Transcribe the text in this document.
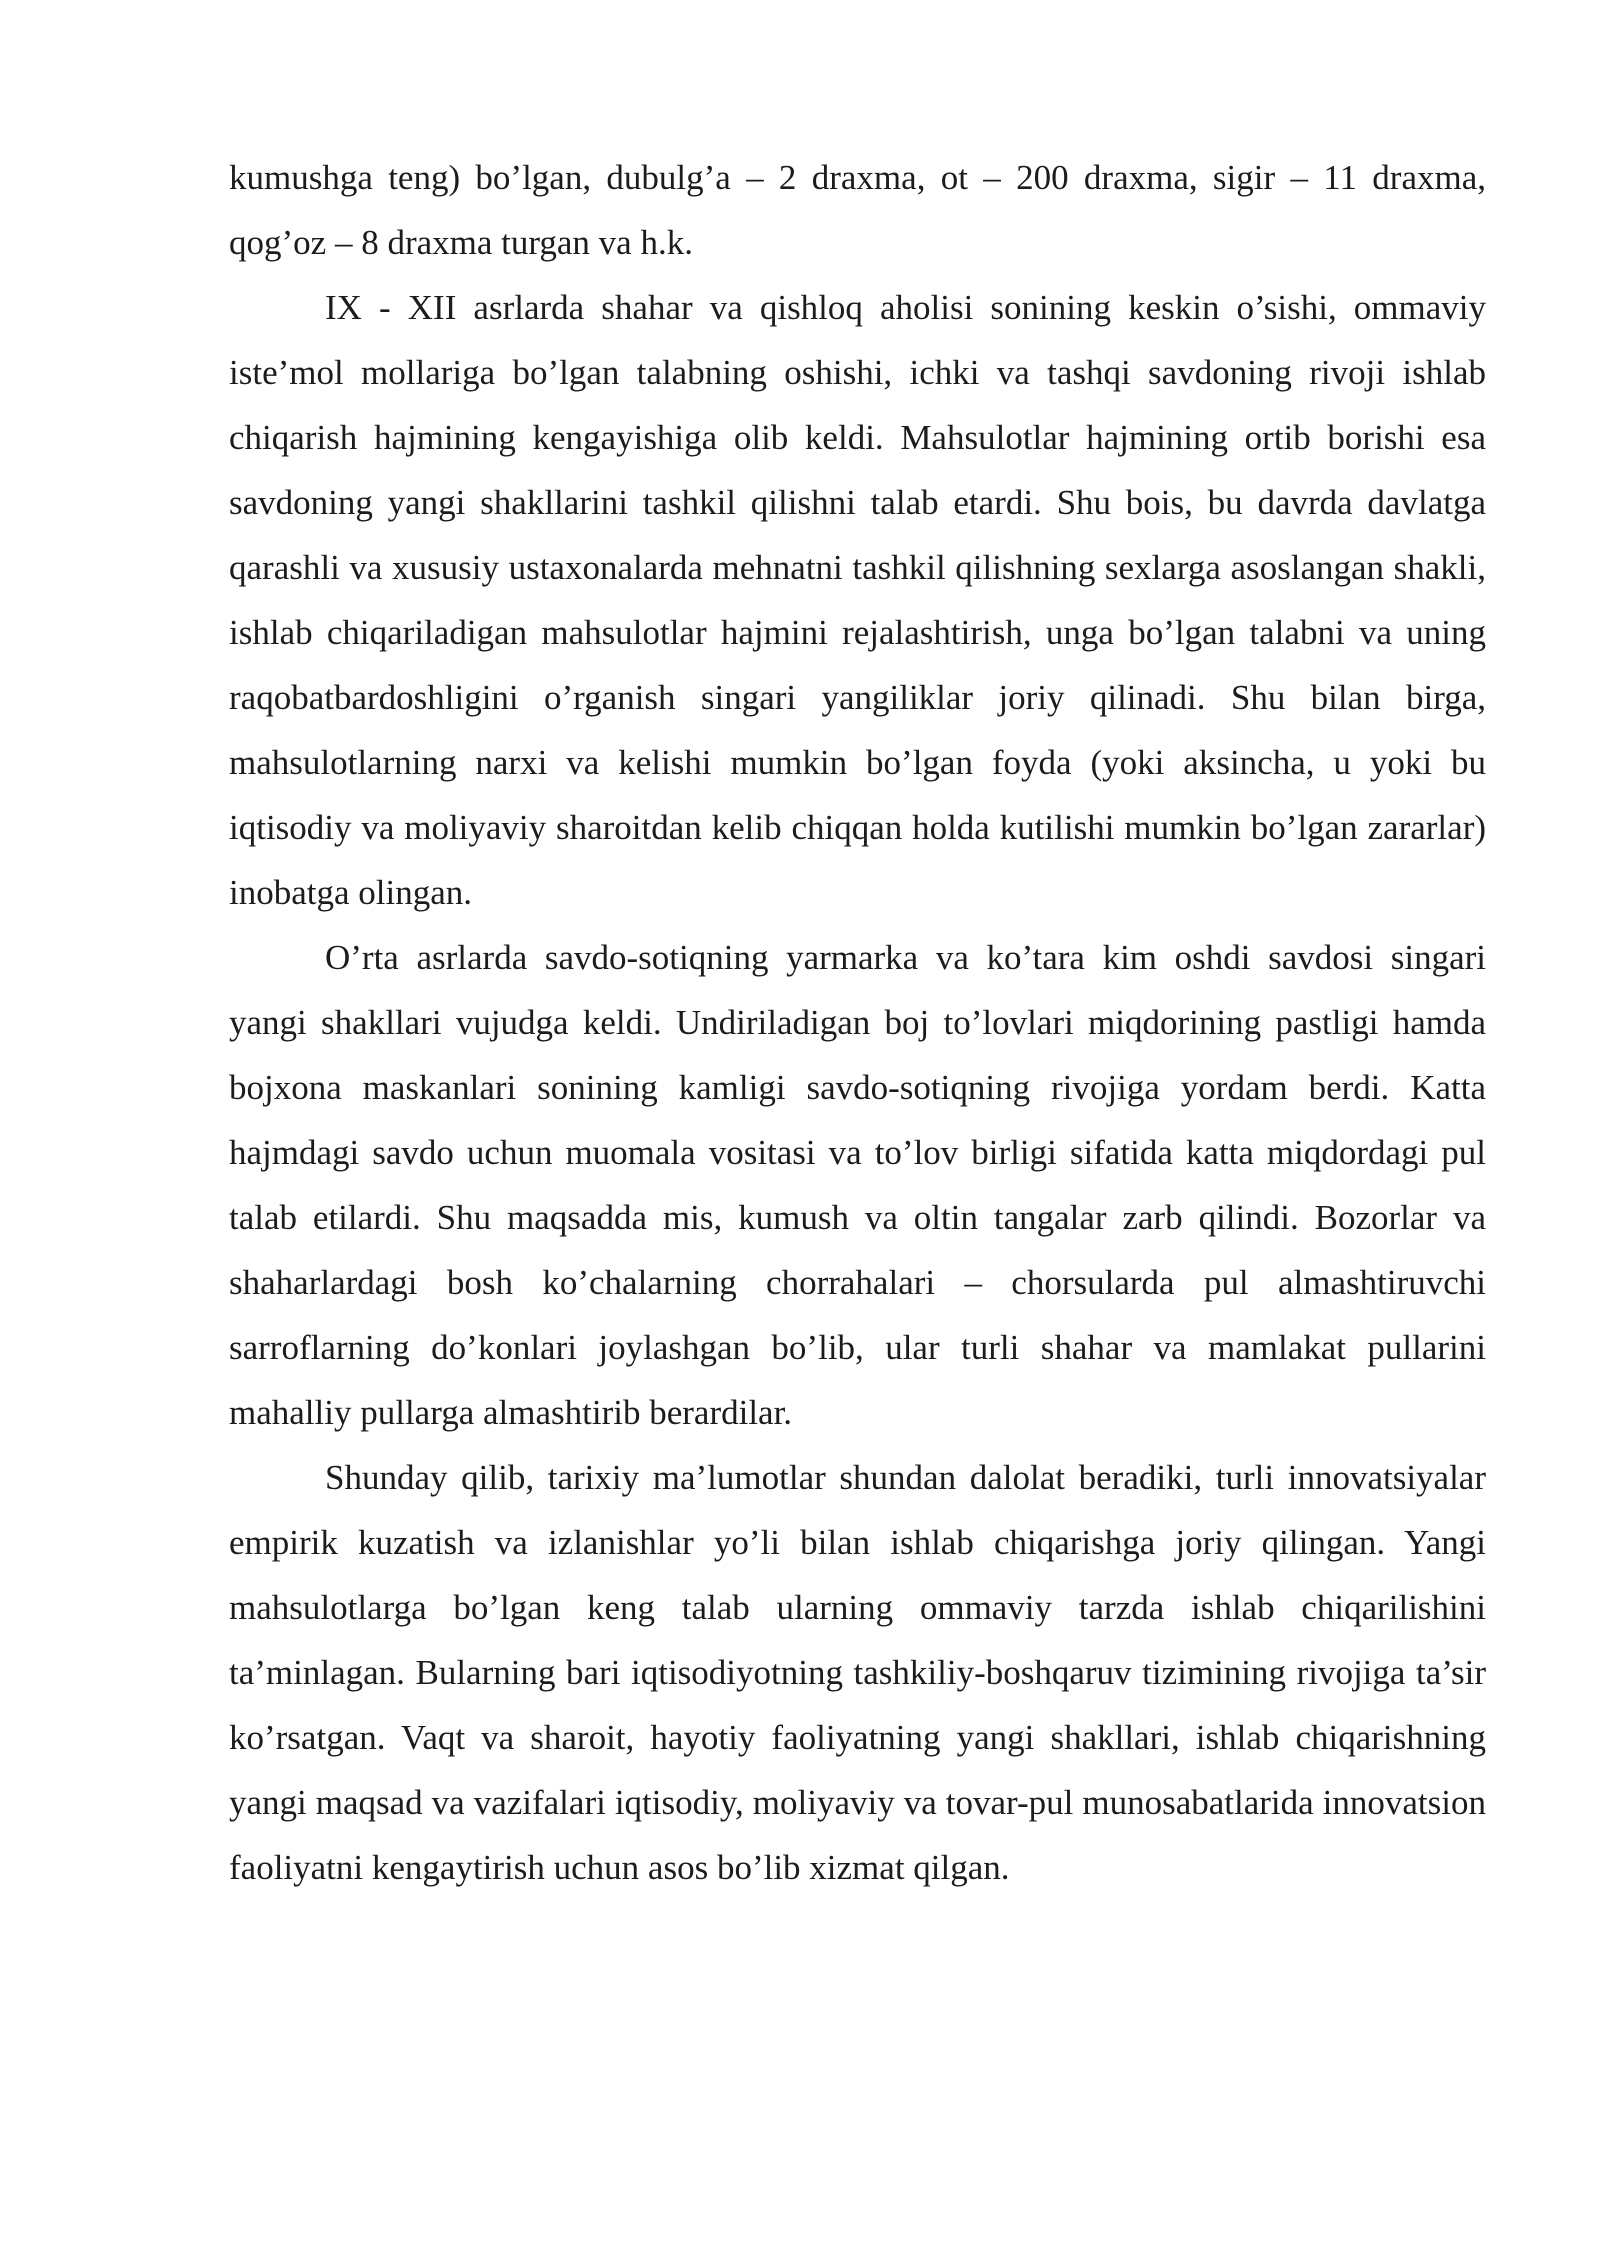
kumushga teng) bo’lgan, dubulg’a – 2 draxma, ot – 200 draxma, sigir – 11 draxma, qog’oz – 8 draxma turgan va h.k.

IX - XII asrlarda shahar va qishloq aholisi sonining keskin o’sishi, ommaviy iste’mol mollariga bo’lgan talabning oshishi, ichki va tashqi savdoning rivoji ishlab chiqarish hajmining kengayishiga olib keldi. Mahsulotlar hajmining ortib borishi esa savdoning yangi shakllarini tashkil qilishni talab etardi. Shu bois, bu davrda davlatga qarashli va xususiy ustaxonalarda mehnatni tashkil qilishning sexlarga asoslangan shakli, ishlab chiqariladigan mahsulotlar hajmini rejalashtirish, unga bo’lgan talabni va uning raqobatbardoshligini o’rganish singari yangiliklar joriy qilinadi. Shu bilan birga, mahsulotlarning narxi va kelishi mumkin bo’lgan foyda (yoki aksincha, u yoki bu iqtisodiy va moliyaviy sharoitdan kelib chiqqan holda kutilishi mumkin bo’lgan zararlar) inobatga olingan.

O’rta asrlarda savdo-sotiqning yarmarka va ko’tara kim oshdi savdosi singari yangi shakllari vujudga keldi. Undiriladigan boj to’lovlari miqdorining pastligi hamda bojxona maskanlari sonining kamligi savdo-sotiqning rivojiga yordam berdi. Katta hajmdagi savdo uchun muomala vositasi va to’lov birligi sifatida katta miqdordagi pul talab etilardi. Shu maqsadda mis, kumush va oltin tangalar zarb qilindi. Bozorlar va shaharlardagi bosh ko’chalarning chorrahalari – chorsularda pul almashtiruvchi sarroflarning do’konlari joylashgan bo’lib, ular turli shahar va mamlakat pullarini mahalliy pullarga almashtirib berardilar.

Shunday qilib, tarixiy ma’lumotlar shundan dalolat beradiki, turli innovatsiyalar empirik kuzatish va izlanishlar yo’li bilan ishlab chiqarishga joriy qilingan. Yangi mahsulotlarga bo’lgan keng talab ularning ommaviy tarzda ishlab chiqarilishini ta’minlagan. Bularning bari iqtisodiyotning tashkiliy-boshqaruv tizimining rivojiga ta’sir ko’rsatgan. Vaqt va sharoit, hayotiy faoliyatning yangi shakllari, ishlab chiqarishning yangi maqsad va vazifalari iqtisodiy, moliyaviy va tovar-pul munosabatlarida innovatsion faoliyatni kengaytirish uchun asos bo’lib xizmat qilgan.
